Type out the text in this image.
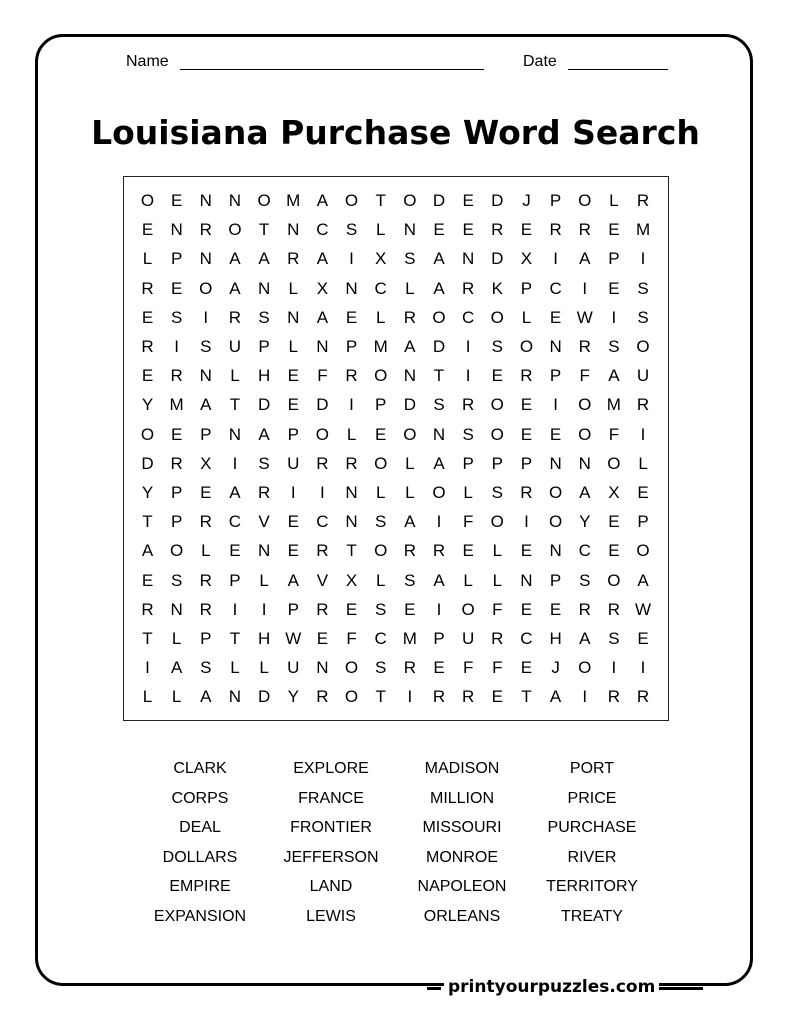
Name	Date
Louisiana Purchase Word Search
O E	N N O M A O	T	O D	E	D	J	P O	L	R
E	N R O	T	N C	S	L	N	E	E	R	E	R R	E M
L	P	N	A	A	R	A	I	X	S	A	N D	X	I	A	P	I
R	E O A	N	L	X	N C	L	A	R	K	P	C	I	E	S
E	S	I	R	S	N	A	E	L	R O C O	L	E W	I	S
R	I	S	U	P	L	N	P M A	D	I	S O N R	S O
E	R N	L	H	E	F	R O N	T	I	E	R	P	F	A	U
Y M A	T	D	E	D	I	P	D	S	R O E	I	O M R
O E	P	N	A	P O	L	E O N	S O E	E O	F	I
D R	X	I	S	U R R O	L	A	P	P	P	N N O	L
Y	P	E	A	R	I	I	N	L	L	O	L	S	R O A	X	E
T	P	R C	V	E	C N	S	A	I	F	O	I	O Y	E	P
A O	L	E	N	E	R	T	O R R	E	L	E	N C	E O
E	S	R	P	L	A	V	X	L	S	A	L	L	N	P	S O A
R N R	I	I	P	R	E	S	E	I	O	F	E	E	R R W
T	L	P	T	H W E	F	C M P	U R C H	A	S	E
I	A	S	L	L	U N O S	R	E	F	F	E	J	O	I	I
L	L	A	N D	Y	R O	T	I	R R	E	T	A	I	R R
CLARK	EXPLORE	MADISON	PORT
CORPS	FRANCE	MILLION	PRICE
DEAL	FRONTIER	MISSOURI	PURCHASE
DOLLARS	JEFFERSON	MONROE	RIVER
EMPIRE	LAND	NAPOLEON	TERRITORY
EXPANSION	LEWIS	ORLEANS	TREATY
printyourpuzzles.com
